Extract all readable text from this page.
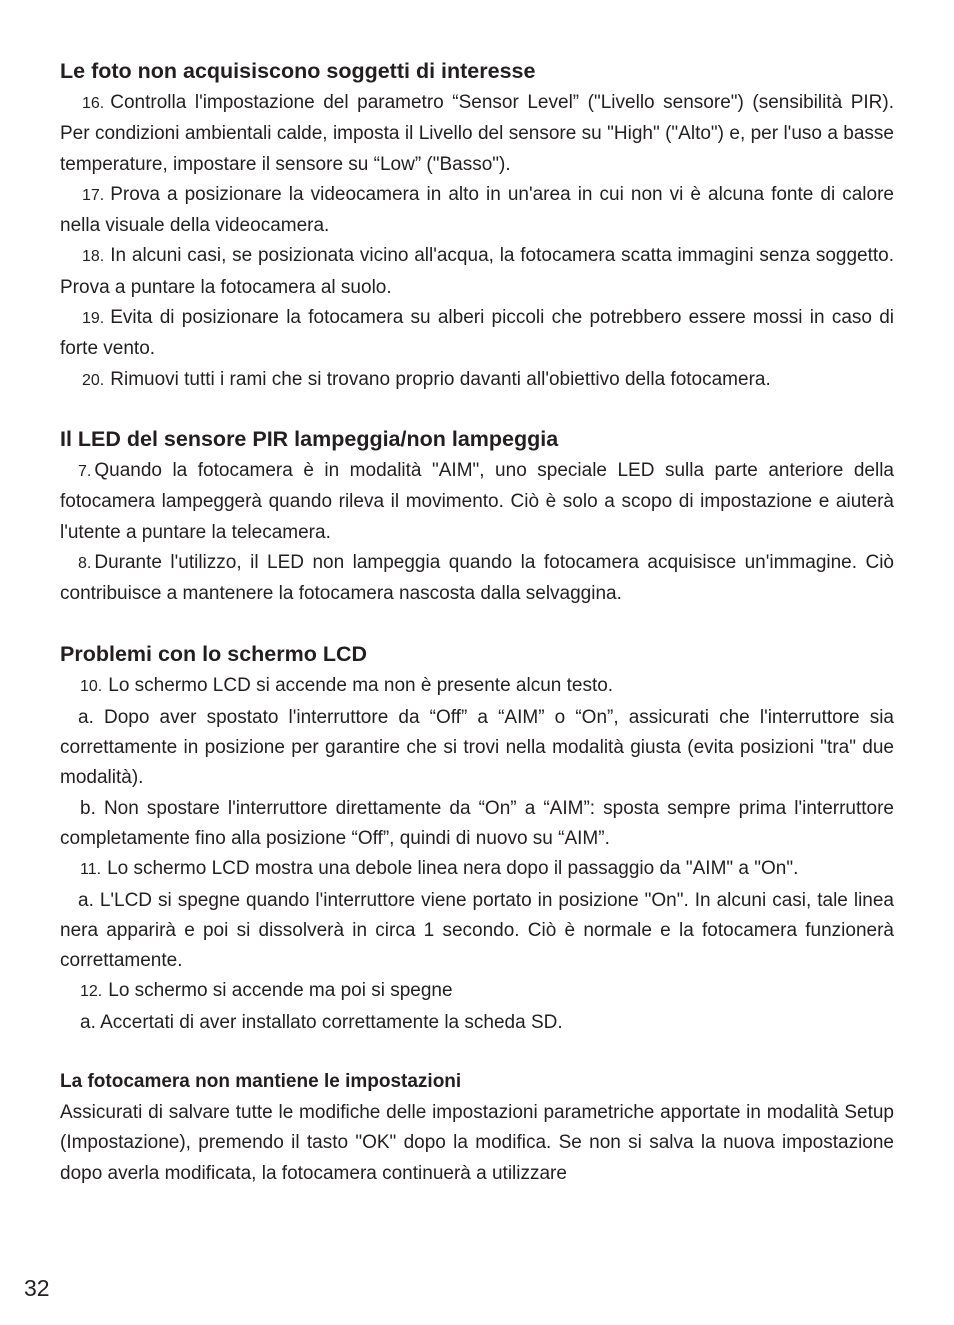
Le foto non acquisiscono soggetti di interesse

16. Controlla l'impostazione del parametro “Sensor Level” ("Livello sensore") (sensibilità PIR). Per condizioni ambientali calde, imposta il Livello del sensore su "High" ("Alto") e, per l'uso a basse temperature, impostare il sensore su “Low” ("Basso").

17. Prova a posizionare la videocamera in alto in un'area in cui non vi è alcuna fonte di calore nella visuale della videocamera.

18. In alcuni casi, se posizionata vicino all'acqua, la fotocamera scatta immagini senza soggetto. Prova a puntare la fotocamera al suolo.

19. Evita di posizionare la fotocamera su alberi piccoli che potrebbero essere mossi in caso di forte vento.

20. Rimuovi tutti i rami che si trovano proprio davanti all'obiettivo della fotocamera.

Il LED del sensore PIR lampeggia/non lampeggia

7. Quando la fotocamera è in modalità "AIM", uno speciale LED sulla parte anteriore della fotocamera lampeggerà quando rileva il movimento. Ciò è solo a scopo di impostazione e aiuterà l'utente a puntare la telecamera.

8. Durante l'utilizzo, il LED non lampeggia quando la fotocamera acquisisce un'immagine. Ciò contribuisce a mantenere la fotocamera nascosta dalla selvaggina.

Problemi con lo schermo LCD

10. Lo schermo LCD si accende ma non è presente alcun testo.

a. Dopo aver spostato l'interruttore da “Off” a “AIM” o “On”, assicurati che l'interruttore sia correttamente in posizione per garantire che si trovi nella modalità giusta (evita posizioni "tra" due modalità).

b. Non spostare l'interruttore direttamente da “On” a “AIM”: sposta sempre prima l'interruttore completamente fino alla posizione “Off”, quindi di nuovo su “AIM”.

11. Lo schermo LCD mostra una debole linea nera dopo il passaggio da "AIM" a "On".

a. L'LCD si spegne quando l'interruttore viene portato in posizione "On". In alcuni casi, tale linea nera apparirà e poi si dissolverà in circa 1 secondo. Ciò è normale e la fotocamera funzionerà correttamente.

12. Lo schermo si accende ma poi si spegne

a. Accertati di aver installato correttamente la scheda SD.

La fotocamera non mantiene le impostazioni

Assicurati di salvare tutte le modifiche delle impostazioni parametriche apportate in modalità Setup (Impostazione), premendo il tasto "OK" dopo la modifica. Se non si salva la nuova impostazione dopo averla modificata, la fotocamera continuerà a utilizzare

32
